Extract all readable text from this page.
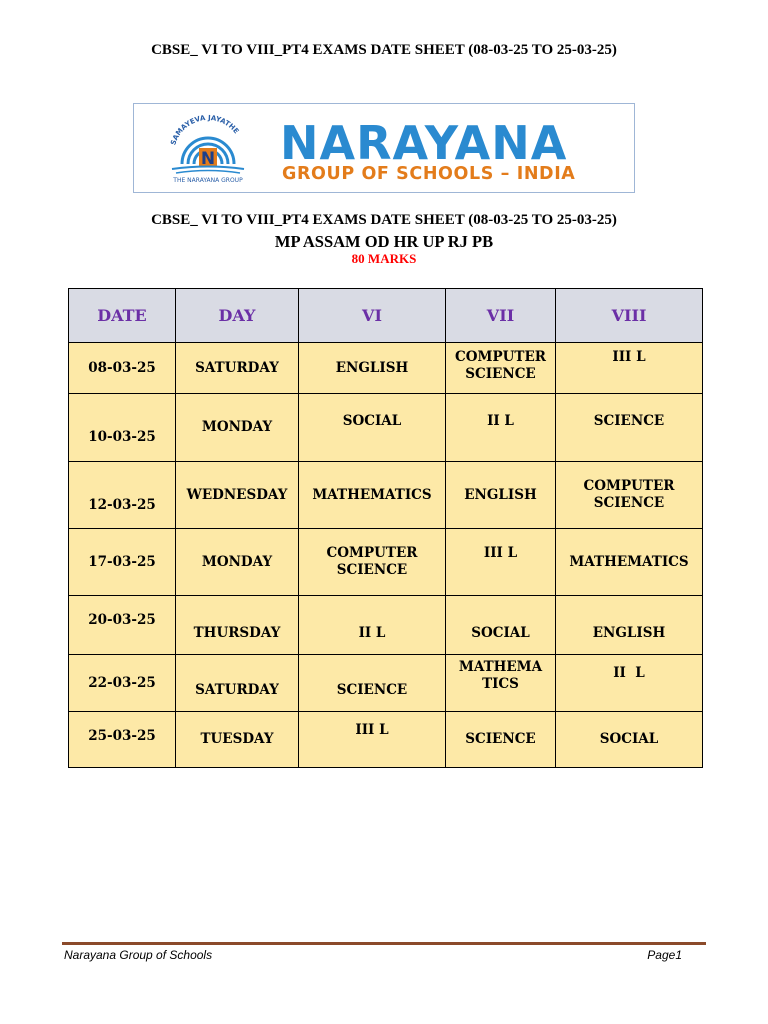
CBSE_ VI TO VIII_PT4 EXAMS DATE SHEET (08-03-25 TO 25-03-25)
SAMAYEVA JAYATHE
N
THE NARAYANA GROUP
NARAYANA
GROUP OF SCHOOLS – INDIA
CBSE_ VI TO VIII_PT4 EXAMS DATE SHEET (08-03-25 TO 25-03-25)
MP ASSAM OD HR UP RJ PB
80 MARKS
DATE	DAY	VI	VII	VIII
08-03-25	SATURDAY	ENGLISH	COMPUTER SCIENCE	III L
10-03-25	MONDAY	SOCIAL	II L	SCIENCE
12-03-25	WEDNESDAY	MATHEMATICS	ENGLISH	COMPUTER SCIENCE
17-03-25	MONDAY	COMPUTER SCIENCE	III L	MATHEMATICS
20-03-25	THURSDAY	II L	SOCIAL	ENGLISH
22-03-25	SATURDAY	SCIENCE	MATHEMA TICS	II  L
25-03-25	TUESDAY	III L	SCIENCE	SOCIAL
Narayana Group of Schools	Page1
